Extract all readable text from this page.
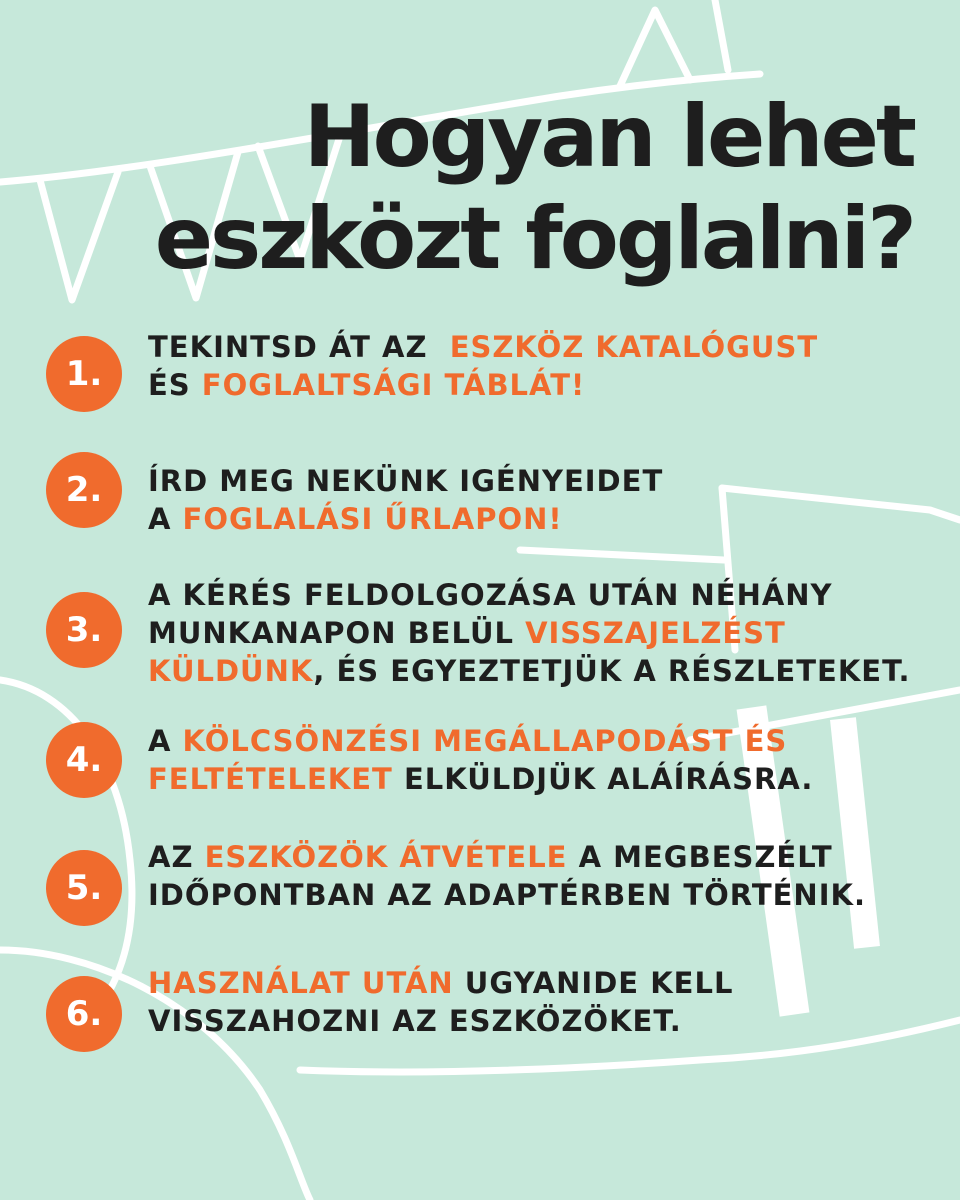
Hogyan lehet
eszközt foglalni?
1.
TEKINTSD ÁT AZ  ESZKÖZ KATALÓGUST
ÉS FOGLALTSÁGI TÁBLÁT!
2.	ÍRD MEG NEKÜNK IGÉNYEIDET
A FOGLALÁSI ŰRLAPON!
3.
A KÉRÉS FELDOLGOZÁSA UTÁN NÉHÁNY
MUNKANAPON BELÜL VISSZAJELZÉST
KÜLDÜNK, ÉS EGYEZTETJÜK A RÉSZLETEKET.
4.	A KÖLCSÖNZÉSI MEGÁLLAPODÁST ÉS
FELTÉTELEKET ELKÜLDJÜK ALÁÍRÁSRA.
5.
AZ ESZKÖZÖK ÁTVÉTELE A MEGBESZÉLT
IDŐPONTBAN AZ ADAPTÉRBEN TÖRTÉNIK.
6.
HASZNÁLAT UTÁN UGYANIDE KELL
VISSZAHOZNI AZ ESZKÖZÖKET.
